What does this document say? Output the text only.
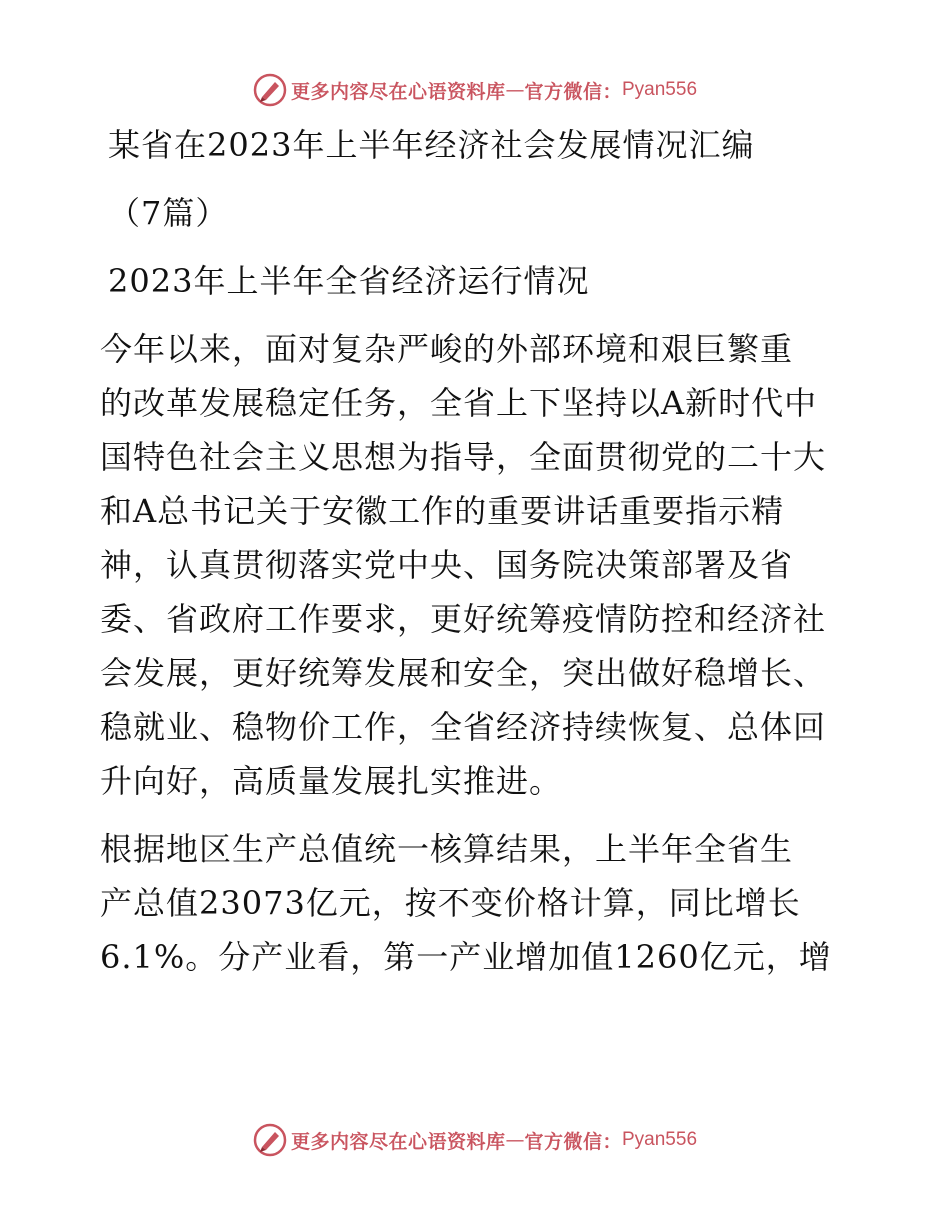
更多内容尽在心语资料库 — 官方微信： Pyan556
某省在2023年上半年经济社会发展情况汇编
（7篇）
2023年上半年全省经济运行情况
今年以来，面对复杂严峻的外部环境和艰巨繁重
的改革发展稳定任务，全省上下坚持以A新时代中
国特色社会主义思想为指导，全面贯彻党的二十大
和A总书记关于安徽工作的重要讲话重要指示精
神，认真贯彻落实党中央、国务院决策部署及省
委、省政府工作要求，更好统筹疫情防控和经济社
会发展，更好统筹发展和安全，突出做好稳增长、
稳就业、稳物价工作，全省经济持续恢复、总体回
升向好，高质量发展扎实推进。
根据地区生产总值统一核算结果，上半年全省生
产总值23073亿元，按不变价格计算，同比增长
6.1%。分产业看，第一产业增加值1260亿元，增
更多内容尽在心语资料库 — 官方微信： Pyan556
